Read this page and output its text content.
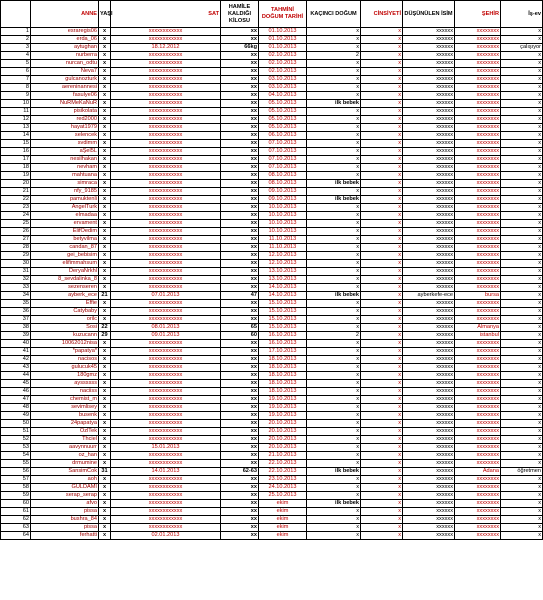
	ANNE	YAŞI	SAT	HAMİLE KALDIĞI KİLOSU	TAHMİNİ DOĞUM TARİHİ	KAÇINCI DOĞUM	CİNSİYETİ	DÜŞÜNÜLEN İSİM	ŞEHİR	İş-ev
1	esraregis06	x	xxxxxxxxxxxx	xx	01.10.2013	x	x	xxxxxx	xxxxxxxx	x
2	erda_06	x	xxxxxxxxxxxx	xx	01.10.2013	x	x	xxxxxx	xxxxxxxx	x
3	aytughan	x	18.12.2012	66kg	01.10.2013	x	x	xxxxxx	xxxxxxxx	çalışıyor
4	nurberra	x	xxxxxxxxxxxx	xx	02.10.2013	2	x	xxxxxx	xxxxxxxx	x
5	nurcan_odtu	x	xxxxxxxxxxxx	xx	02.10.2013	x	x	xxxxxx	xxxxxxxx	x
6	Neva7	x	xxxxxxxxxxxx	xx	02.10.2013	x	x	xxxxxx	xxxxxxxx	x
7	gulcanozturk	x	xxxxxxxxxxxx	xx	03.10.2013	x	x	xxxxxx	xxxxxxxx	x
8	aereninannesi	x	xxxxxxxxxxxx	xx	03.10.2013	x	x	xxxxxx	xxxxxxxx	x
9	fasulye06	x	xxxxxxxxxxxx	xx	04.10.2013	x	x	xxxxxx	xxxxxxxx	x
10	NuRMeKaNuR	x	xxxxxxxxxxxx	xx	05.10.2013	ilk bebek	x	xxxxxx	xxxxxxxx	x
11	pisikolata	x	xxxxxxxxxxxx	xx	05.10.2013	x	x	xxxxxx	xxxxxxxx	x
12	red2000	x	xxxxxxxxxxxx	xx	05.10.2013	x	x	xxxxxx	xxxxxxxx	x
13	hayat1979	x	xxxxxxxxxxxx	xx	05.10.2013	x	x	xxxxxx	xxxxxxxx	x
14	selencek	x	xxxxxxxxxxxx	xx	06.10.2013	x	x	xxxxxx	xxxxxxxx	x
15	svdimm	x	xxxxxxxxxxxx	xx	07.10.2013	x	x	xxxxxx	xxxxxxxx	x
16	aŞel5L	x	xxxxxxxxxxxx	xx	07.10.2013	x	x	xxxxxx	xxxxxxxx	x
17	nesilhakan	x	xxxxxxxxxxxx	xx	07.10.2013	x	x	xxxxxx	xxxxxxxx	x
18	nevham	x	xxxxxxxxxxxx	xx	07.10.2013	x	x	xxxxxx	xxxxxxxx	x
19	mahtuana	x	xxxxxxxxxxxx	xx	08.10.2013	x	x	xxxxxx	xxxxxxxx	x
20	simraca	x	xxxxxxxxxxxx	xx	08.10.2013	ilk bebek	x	xxxxxx	xxxxxxxx	x
21	nfy_9185	x	xxxxxxxxxxxx	xx	09.10.2013	x	x	xxxxxx	xxxxxxxx	x
22	pamuktenli	x	xxxxxxxxxxxx	xx	09.10.2013	ilk bebek	x	xxxxxx	xxxxxxxx	x
23	AngelTurk	x	xxxxxxxxxxxx	xx	10.10.2013	x	x	xxxxxx	xxxxxxxx	x
24	elmadaa	x	xxxxxxxxxxxx	xx	10.10.2013	x	x	xxxxxx	xxxxxxxx	x
25	ervament	x	xxxxxxxxxxxx	xx	10.10.2013	x	x	xxxxxx	xxxxxxxx	x
26	ElifOedim	x	xxxxxxxxxxxx	xx	10.10.2013	x	x	xxxxxx	xxxxxxxx	x
27	betyvilma	x	xxxxxxxxxxxx	xx	11.10.2013	x	x	xxxxxx	xxxxxxxx	x
28	candan_87	x	xxxxxxxxxxxx	xx	11.10.2013	x	x	xxxxxx	xxxxxxxx	x
29	gei_bebisim	x	xxxxxxxxxxxx	xx	12.10.2013	x	x	xxxxxx	xxxxxxxx	x
30	elifimmahsum	x	xxxxxxxxxxxx	xx	12.10.2013	x	x	xxxxxx	xxxxxxxx	x
31	DeryaNrkhl	x	xxxxxxxxxxxx	xx	13.10.2013	x	x	xxxxxx	xxxxxxxx	x
32	8_sevdalinka_8	x	xxxxxxxxxxxx	xx	13.10.2013	x	x	xxxxxx	xxxxxxxx	x
33	sezenseren	x	xxxxxxxxxxxx	xx	14.10.2013	x	x	xxxxxx	xxxxxxxx	x
34	ayberk_ece	21	07.01.2013	47	14.10.2013	ilk bebek	x	ayberkefe-ece	bursa	x
35	Effie	x	xxxxxxxxxxxx	xx	15.10.2013	x	x	xxxxxx	xxxxxxxx	x
36	Catybaby	x	xxxxxxxxxxxx	xx	15.10.2013	x	x	xxxxxx	xxxxxxxx	x
37	orilc	x	xxxxxxxxxxxx	xx	15.10.2013	x	x	xxxxxx	xxxxxxxx	x
38	Sosi	22	08.01.2013	65	15.10.2013	x	x	xxxxxx	Almanya	x
39	kuzucann	29	09.01.2013	60	16.10.2013	2	x	xxxxxx	istanbul	x
40	10062012nisa	x	xxxxxxxxxxxx	xx	16.10.2013	x	x	xxxxxx	xxxxxxxx	x
41	*papatya*	x	xxxxxxxxxxxx	xx	17.10.2013	x	x	xxxxxx	xxxxxxxx	x
42	nacisos	x	xxxxxxxxxxxx	xx	18.10.2013	x	x	xxxxxx	xxxxxxxx	x
43	gulucuk45	x	xxxxxxxxxxxx	xx	18.10.2013	x	x	xxxxxx	xxxxxxxx	x
44	180gmz	x	xxxxxxxxxxxx	xx	18.10.2013	x	x	xxxxxx	xxxxxxxx	x
45	ayssssss	x	xxxxxxxxxxxx	xx	18.10.2013	x	x	xxxxxx	xxxxxxxx	x
46	naciiss	x	xxxxxxxxxxxx	xx	18.10.2013	x	x	xxxxxx	xxxxxxxx	x
47	chemist_m	x	xxxxxxxxxxxx	xx	19.10.2013	x	x	xxxxxx	xxxxxxxx	x
48	sevimlisey	x	xxxxxxxxxxxx	xx	19.10.2013	x	x	xxxxxx	xxxxxxxx	x
49	busenk	x	xxxxxxxxxxxx	xx	19.10.2013	x	x	xxxxxx	xxxxxxxx	x
50	24papatya	x	xxxxxxxxxxxx	xx	20.10.2013	x	x	xxxxxx	xxxxxxxx	x
51	OzlTek	x	xxxxxxxxxxxx	xx	20.10.2013	x	x	xxxxxx	xxxxxxxx	x
52	Thciel	x	xxxxxxxxxxxx	xx	20.10.2013	x	x	xxxxxx	xxxxxxxx	x
53	aavynnuurr	x	15.01.2013	xx	20.10.2013	x	x	xxxxxx	xxxxxxxx	x
54	oz_han	x	xxxxxxxxxxxx	xx	21.10.2013	x	x	xxxxxx	xxxxxxxx	x
55	drmumine	x	xxxxxxxxxxxx	xx	22.10.2013	x	x	xxxxxx	xxxxxxxx	x
56	SansimCok	31	14.01.2013	62-63	22.10.2013	ilk bebek	x	xxxxxx	Adana	öğretmen
57	aoh	x	xxxxxxxxxxxx	xx	23.10.2013	x	x	xxxxxx	xxxxxxxx	x
58	GULDAMI	x	xxxxxxxxxxxx	xx	24.10.2013	x	x	xxxxxx	xxxxxxxx	x
59	serap_serap	x	xxxxxxxxxxxx	xx	25.10.2013	x	x	xxxxxx	xxxxxxxx	x
60	afvo	x	xxxxxxxxxxxx	xx	ekim	ilk bebek	x	xxxxxx	xxxxxxxx	x
61	pissa	x	xxxxxxxxxxxx	xx	ekim	x	x	xxxxxx	xxxxxxxx	x
62	bushra_84	x	xxxxxxxxxxxx	xx	ekim	x	x	xxxxxx	xxxxxxxx	x
63	pissa	x	xxxxxxxxxxxx	xx	ekim	x	x	xxxxxx	xxxxxxxx	x
64	ferhatti	x	02.01.2013	xx	ekim	x	x	xxxxxx	xxxxxxxx	x
